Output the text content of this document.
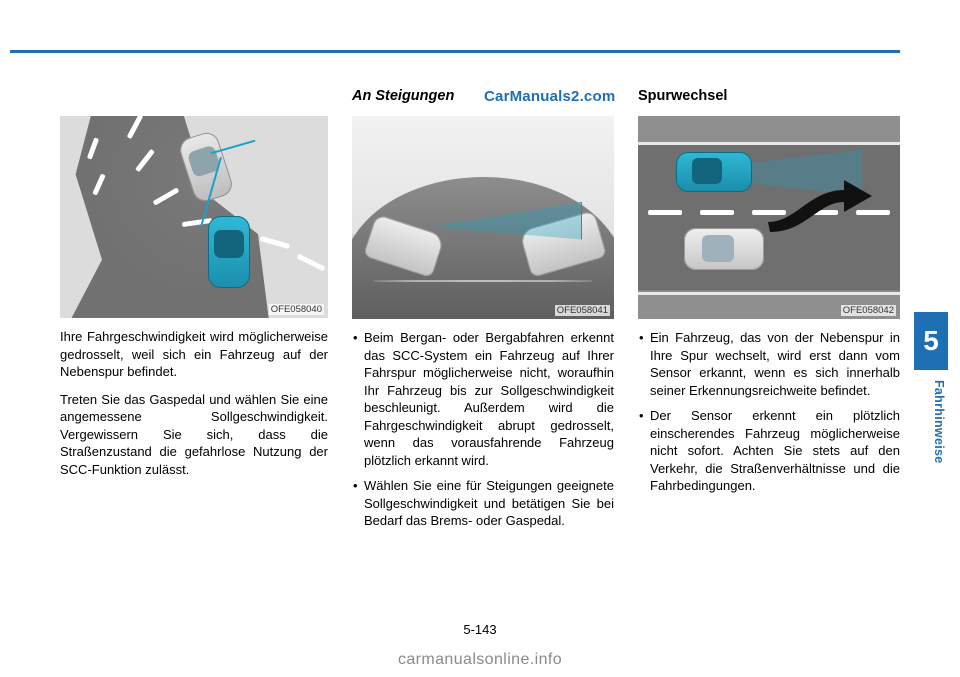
OFE058040

Ihre Fahrgeschwindigkeit wird möglicherweise gedrosselt, weil sich ein Fahrzeug auf der Nebenspur befindet.

Treten Sie das Gaspedal und wählen Sie eine angemessene Sollgeschwindigkeit. Vergewissern Sie sich, dass die Straßenzustand die gefahrlose Nutzung der SCC-Funktion zulässt.

An Steigungen
OFE058041
• Beim Bergan- oder Bergabfahren erkennt das SCC-System ein Fahrzeug auf Ihrer Fahrspur möglicherweise nicht, woraufhin Ihr Fahrzeug bis zur Sollgeschwindigkeit beschleunigt. Außerdem wird die Fahrgeschwindigkeit abrupt gedrosselt, wenn das vorausfahrende Fahrzeug plötzlich erkannt wird.
• Wählen Sie eine für Steigungen geeignete Sollgeschwindigkeit und betätigen Sie bei Bedarf das Brems- oder Gaspedal.
Spurwechsel
OFE058042
• Ein Fahrzeug, das von der Nebenspur in Ihre Spur wechselt, wird erst dann vom Sensor erkannt, wenn es sich innerhalb seiner Erkennungsreichweite befindet.
• Der Sensor erkennt ein plötzlich einscherendes Fahrzeug möglicherweise nicht sofort. Achten Sie stets auf den Verkehr, die Straßenverhältnisse und die Fahrbedingungen.
CarManuals2.com
5
Fahrhinweise
5-143
carmanualsonline.info
